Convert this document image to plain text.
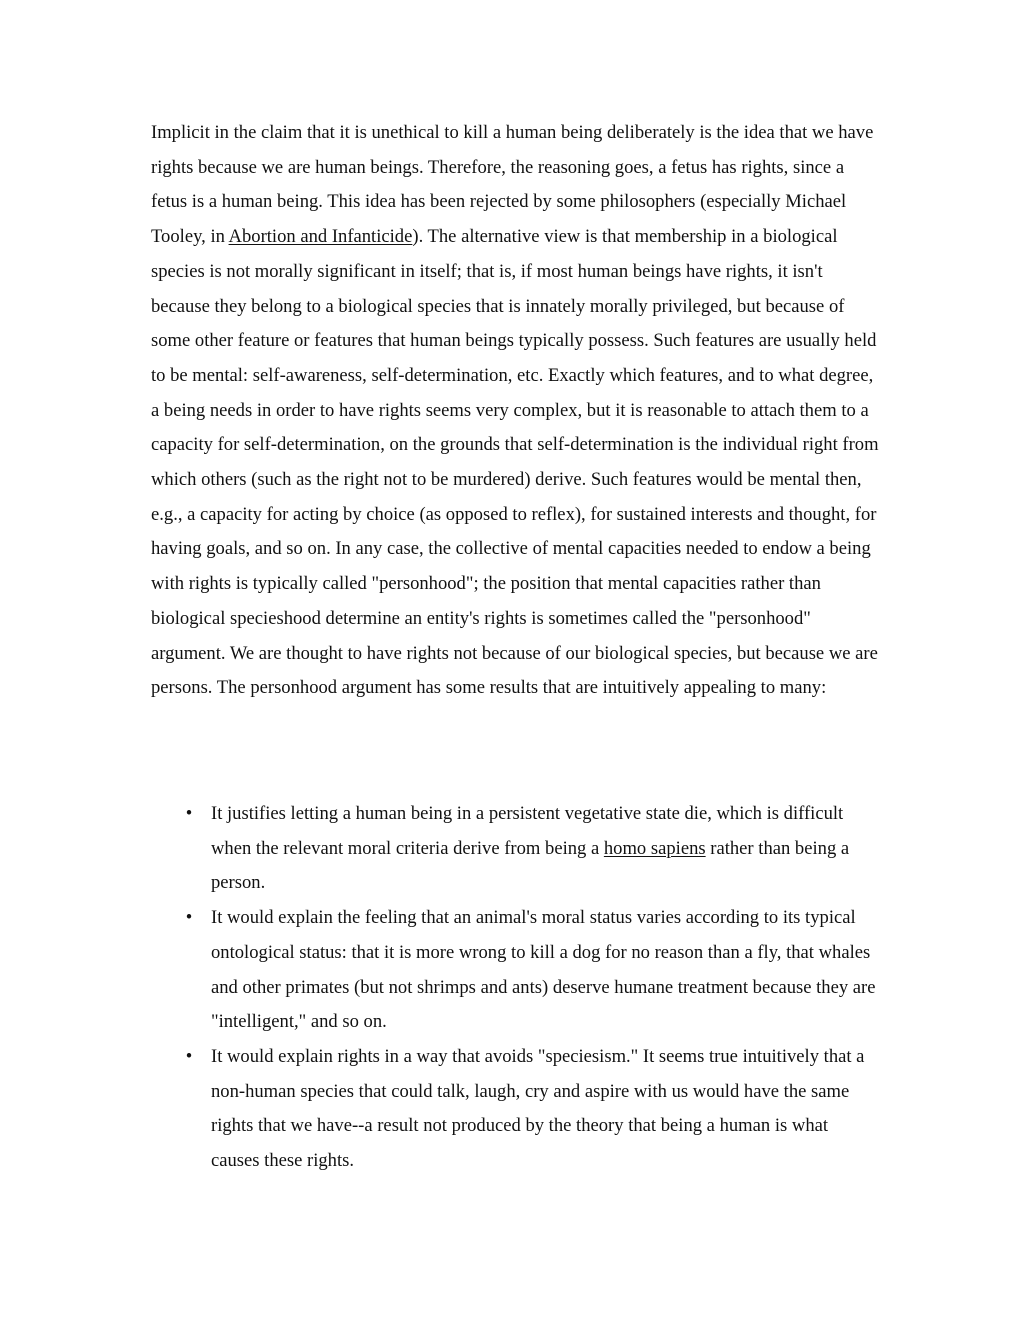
Implicit in the claim that it is unethical to kill a human being deliberately is the idea that we have rights because we are human beings. Therefore, the reasoning goes, a fetus has rights, since a fetus is a human being. This idea has been rejected by some philosophers (especially Michael Tooley, in Abortion and Infanticide). The alternative view is that membership in a biological species is not morally significant in itself; that is, if most human beings have rights, it isn't because they belong to a biological species that is innately morally privileged, but because of some other feature or features that human beings typically possess. Such features are usually held to be mental: self-awareness, self-determination, etc. Exactly which features, and to what degree, a being needs in order to have rights seems very complex, but it is reasonable to attach them to a capacity for self-determination, on the grounds that self-determination is the individual right from which others (such as the right not to be murdered) derive. Such features would be mental then, e.g., a capacity for acting by choice (as opposed to reflex), for sustained interests and thought, for having goals, and so on. In any case, the collective of mental capacities needed to endow a being with rights is typically called "personhood"; the position that mental capacities rather than biological specieshood determine an entity's rights is sometimes called the "personhood" argument. We are thought to have rights not because of our biological species, but because we are persons. The personhood argument has some results that are intuitively appealing to many:

• It justifies letting a human being in a persistent vegetative state die, which is difficult when the relevant moral criteria derive from being a homo sapiens rather than being a person.
• It would explain the feeling that an animal's moral status varies according to its typical ontological status: that it is more wrong to kill a dog for no reason than a fly, that whales and other primates (but not shrimps and ants) deserve humane treatment because they are "intelligent," and so on.
• It would explain rights in a way that avoids "speciesism." It seems true intuitively that a non-human species that could talk, laugh, cry and aspire with us would have the same rights that we have--a result not produced by the theory that being a human is what causes these rights.
